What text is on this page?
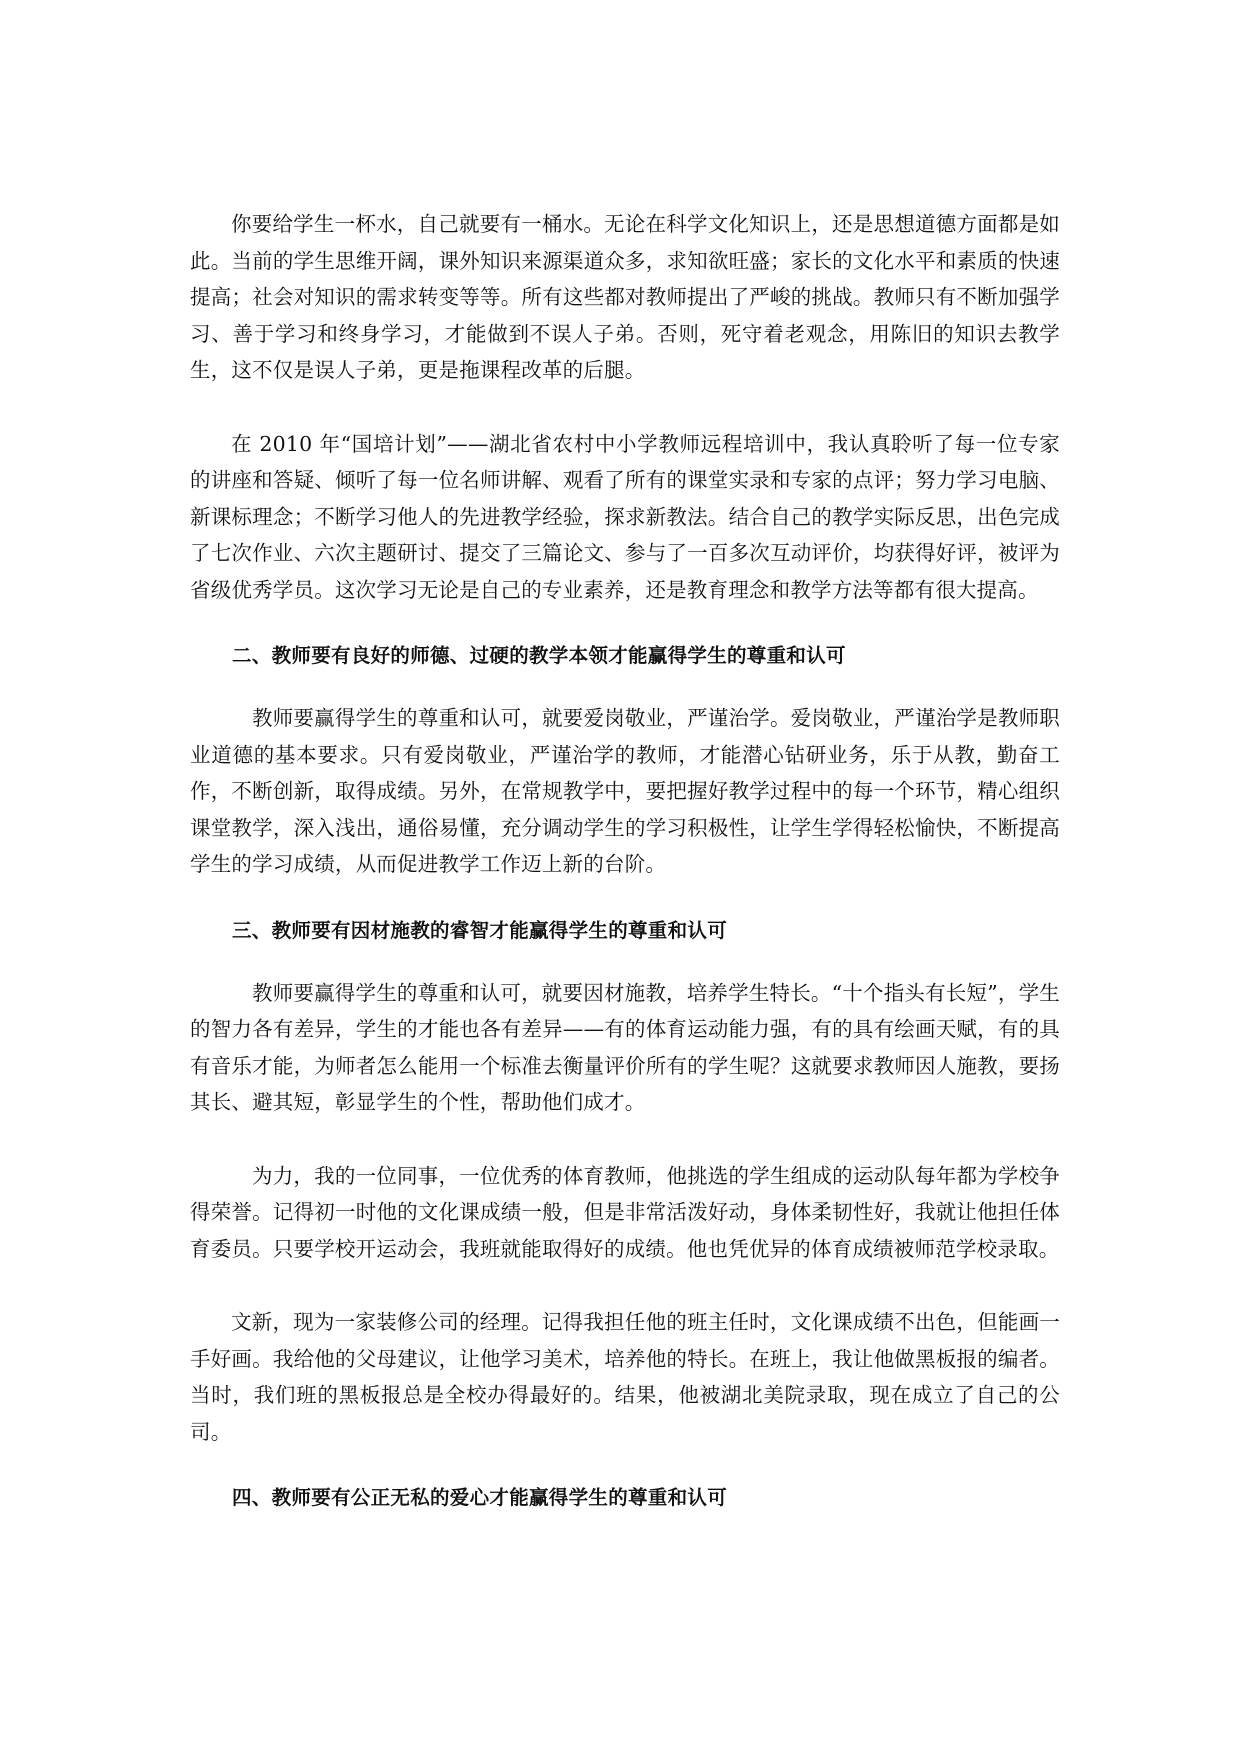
你要给学生一杯水，自己就要有一桶水。无论在科学文化知识上，还是思想道德方面都是如此。当前的学生思维开阔，课外知识来源渠道众多，求知欲旺盛；家长的文化水平和素质的快速提高；社会对知识的需求转变等等。所有这些都对教师提出了严峻的挑战。教师只有不断加强学习、善于学习和终身学习，才能做到不误人子弟。否则，死守着老观念，用陈旧的知识去教学生，这不仅是误人子弟，更是拖课程改革的后腿。

在 2010 年“国培计划”——湖北省农村中小学教师远程培训中，我认真聆听了每一位专家的讲座和答疑、倾听了每一位名师讲解、观看了所有的课堂实录和专家的点评；努力学习电脑、新课标理念；不断学习他人的先进教学经验，探求新教法。结合自己的教学实际反思，出色完成了七次作业、六次主题研讨、提交了三篇论文、参与了一百多次互动评价，均获得好评，被评为省级优秀学员。这次学习无论是自己的专业素养，还是教育理念和教学方法等都有很大提高。

二、教师要有良好的师德、过硬的教学本领才能赢得学生的尊重和认可

教师要赢得学生的尊重和认可，就要爱岗敬业，严谨治学。爱岗敬业，严谨治学是教师职业道德的基本要求。只有爱岗敬业，严谨治学的教师，才能潜心钻研业务，乐于从教，勤奋工作，不断创新，取得成绩。另外，在常规教学中，要把握好教学过程中的每一个环节，精心组织课堂教学，深入浅出，通俗易懂，充分调动学生的学习积极性，让学生学得轻松愉快，不断提高学生的学习成绩，从而促进教学工作迈上新的台阶。

三、教师要有因材施教的睿智才能赢得学生的尊重和认可

教师要赢得学生的尊重和认可，就要因材施教，培养学生特长。“十个指头有长短”，学生的智力各有差异，学生的才能也各有差异——有的体育运动能力强，有的具有绘画天赋，有的具有音乐才能，为师者怎么能用一个标准去衡量评价所有的学生呢？这就要求教师因人施教，要扬其长、避其短，彰显学生的个性，帮助他们成才。

为力，我的一位同事，一位优秀的体育教师，他挑选的学生组成的运动队每年都为学校争得荣誉。记得初一时他的文化课成绩一般，但是非常活泼好动，身体柔韧性好，我就让他担任体育委员。只要学校开运动会，我班就能取得好的成绩。他也凭优异的体育成绩被师范学校录取。

文新，现为一家装修公司的经理。记得我担任他的班主任时，文化课成绩不出色，但能画一手好画。我给他的父母建议，让他学习美术，培养他的特长。在班上，我让他做黑板报的编者。当时，我们班的黑板报总是全校办得最好的。结果，他被湖北美院录取，现在成立了自己的公司。

四、教师要有公正无私的爱心才能赢得学生的尊重和认可
